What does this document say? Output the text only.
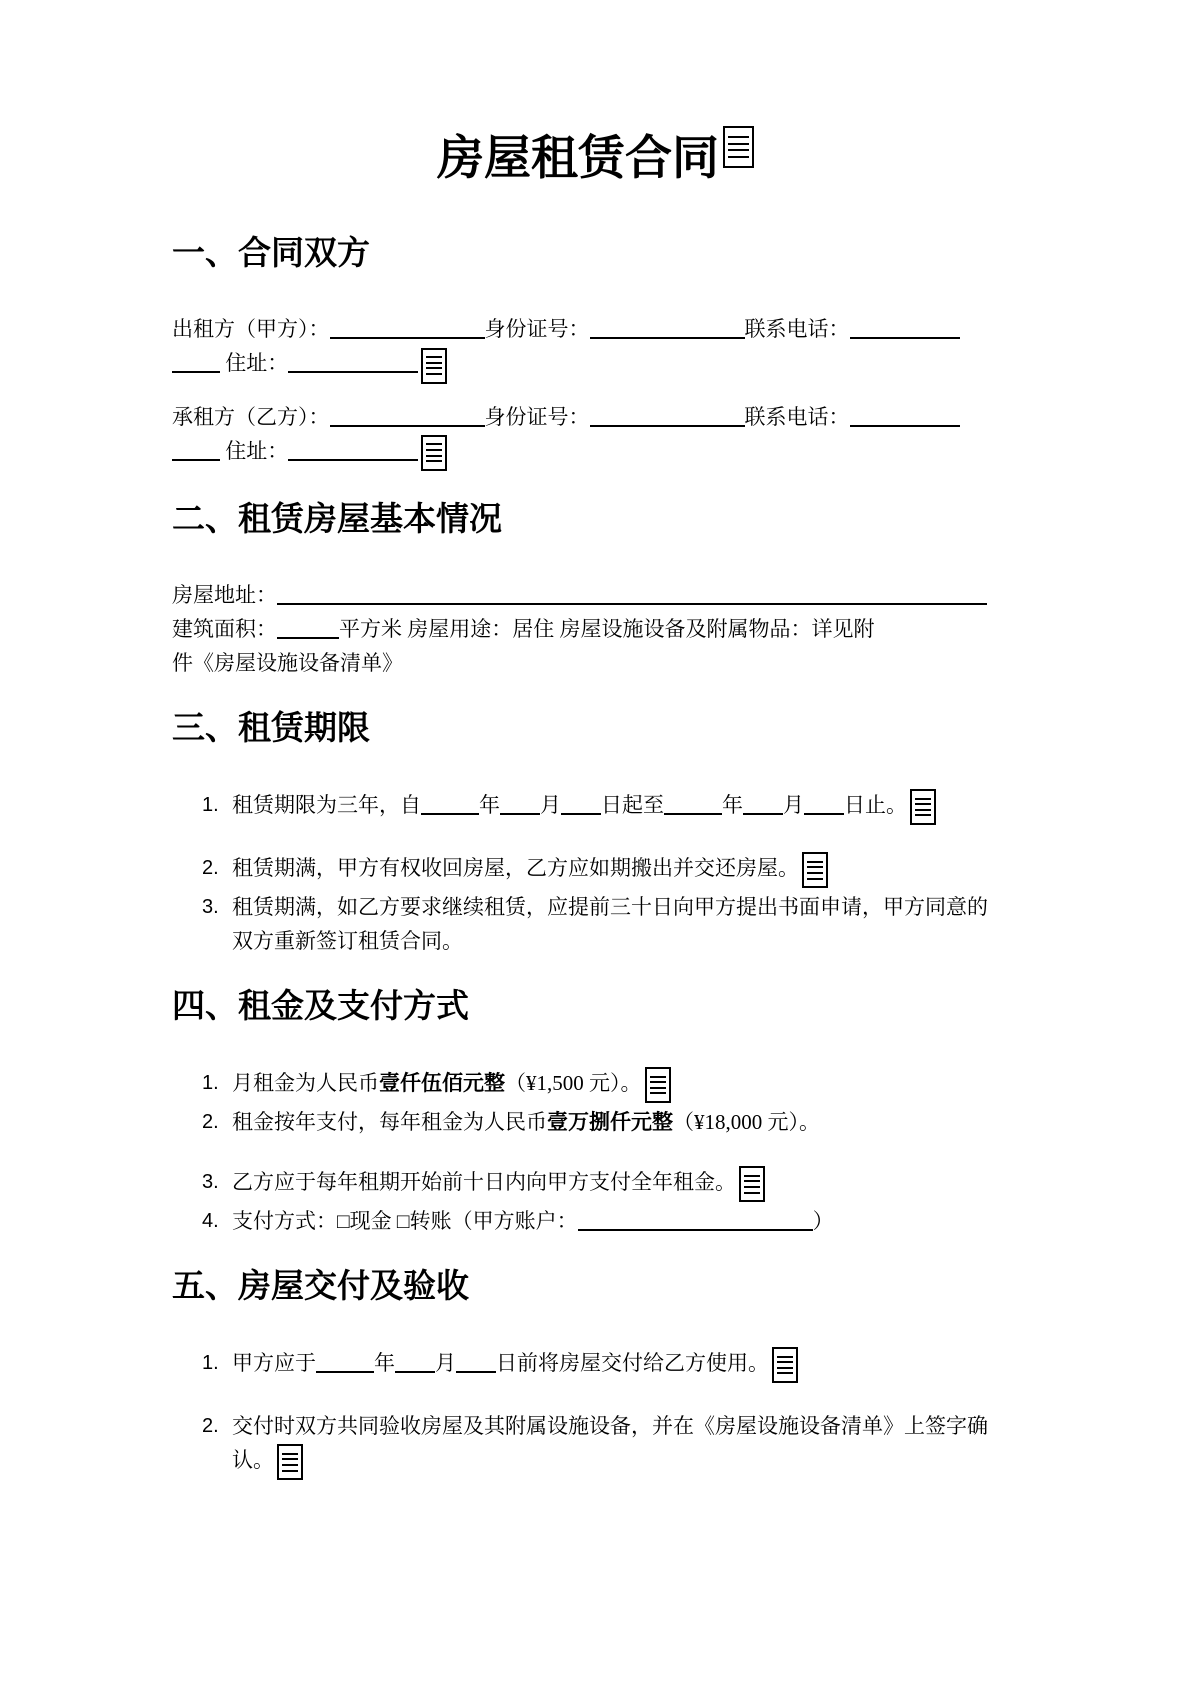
房屋租赁合同
一、合同双方
出租方（甲方）：	身份证号：	联系电话：
住址：
承租方（乙方）：	身份证号：	联系电话：
住址：
二、租赁房屋基本情况
房屋地址：
建筑面积：	平方米 房屋用途：居住 房屋设施设备及附属物品：详见附
件《房屋设施设备清单》
三、租赁期限
1. 租赁期限为三年，自	年 月 日起至	年 月 日止。
2. 租赁期满，甲方有权收回房屋，乙方应如期搬出并交还房屋。
3. 租赁期满，如乙方要求继续租赁，应提前三十日向甲方提出书面申请，甲方同意的
双方重新签订租赁合同。
四、租金及支付方式
1. 月租金为人民币壹仟伍佰元整（¥1,500 元）。
2. 租金按年支付，每年租金为人民币壹万捌仟元整（¥18,000 元）。
3. 乙方应于每年租期开始前十日内向甲方支付全年租金。
4. 支付方式：□现金 □转账（甲方账户：	）
五、房屋交付及验收
1. 甲方应于	年 月 日前将房屋交付给乙方使用。
2. 交付时双方共同验收房屋及其附属设施设备，并在《房屋设施设备清单》上签字确
认。
